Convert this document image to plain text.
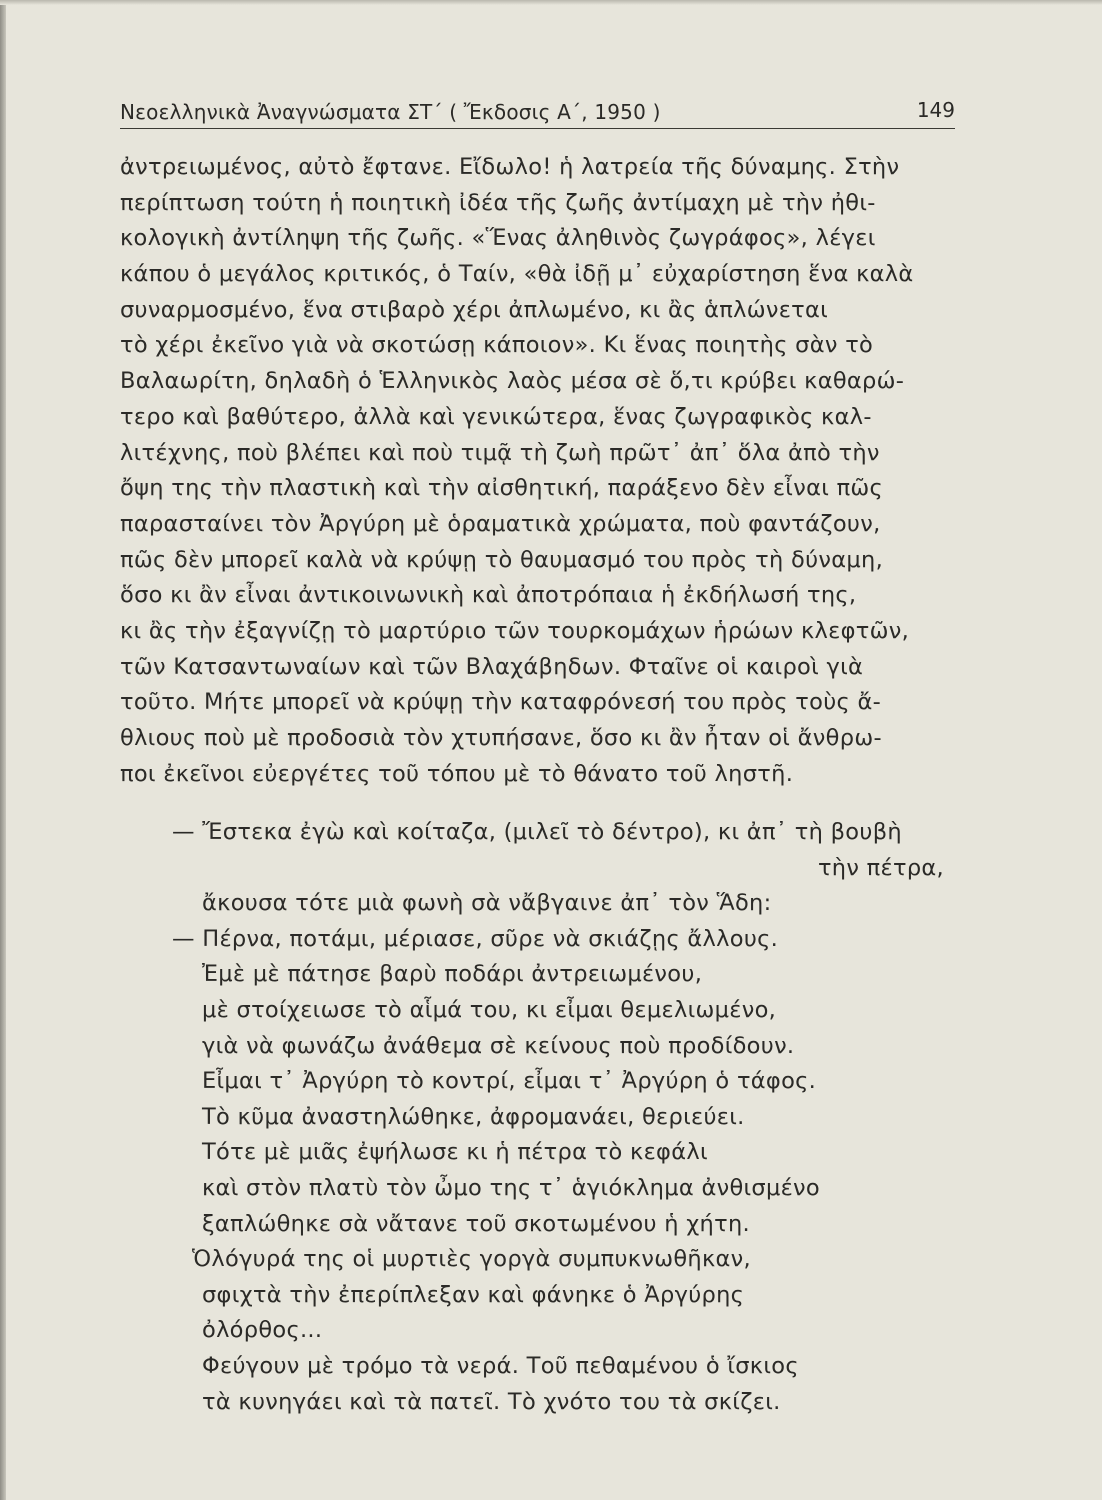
Νεοελληνικὰ Ἀναγνώσματα ΣΤ΄ ( Ἔκδοσις Α΄, 1950 )	149
ἀντρειωμένος, αὐτὸ ἔφτανε. Εἴδωλο! ἡ λατρεία τῆς δύναμης. Στὴν
περίπτωση τούτη ἡ ποιητικὴ ἰδέα τῆς ζωῆς ἀντίμαχη μὲ τὴν ἠθι-
κολογικὴ ἀντίληψη τῆς ζωῆς. «Ἕνας ἀληθινὸς ζωγράφος», λέγει
κάπου ὁ μεγάλος κριτικός, ὁ Ταίν, «θὰ ἰδῇ μ᾿ εὐχαρίστηση ἕνα καλὰ
συναρμοσμένο, ἕνα στιβαρὸ χέρι ἀπλωμένο, κι ἂς ἁπλώνεται
τὸ χέρι ἐκεῖνο γιὰ νὰ σκοτώσῃ κάποιον». Κι ἕνας ποιητὴς σὰν τὸ
Βαλαωρίτη, δηλαδὴ ὁ Ἑλληνικὸς λαὸς μέσα σὲ ὅ,τι κρύβει καθαρώ-
τερο καὶ βαθύτερο, ἀλλὰ καὶ γενικώτερα, ἕνας ζωγραφικὸς καλ-
λιτέχνης, ποὺ βλέπει καὶ ποὺ τιμᾷ τὴ ζωὴ πρῶτ᾿ ἀπ᾿ ὅλα ἀπὸ τὴν
ὄψη της τὴν πλαστικὴ καὶ τὴν αἰσθητική, παράξενο δὲν εἶναι πῶς
παρασταίνει τὸν Ἀργύρη μὲ ὁραματικὰ χρώματα, ποὺ φαντάζουν,
πῶς δὲν μπορεῖ καλὰ νὰ κρύψῃ τὸ θαυμασμό του πρὸς τὴ δύναμη,
ὅσο κι ἂν εἶναι ἀντικοινωνικὴ καὶ ἀποτρόπαια ἡ ἐκδήλωσή της,
κι ἂς τὴν ἐξαγνίζῃ τὸ μαρτύριο τῶν τουρκομάχων ἡρώων κλεφτῶν,
τῶν Κατσαντωναίων καὶ τῶν Βλαχάβηδων. Φταῖνε οἱ καιροὶ γιὰ
τοῦτο. Μήτε μπορεῖ νὰ κρύψῃ τὴν καταφρόνεσή του πρὸς τοὺς ἄ-
θλιους ποὺ μὲ προδοσιὰ τὸν χτυπήσανε, ὅσο κι ἂν ἦταν οἱ ἄνθρω-
ποι ἐκεῖνοι εὐεργέτες τοῦ τόπου μὲ τὸ θάνατο τοῦ ληστῆ.
— Ἔστεκα ἐγὼ καὶ κοίταζα, (μιλεῖ τὸ δέντρο), κι ἀπ᾿ τὴ βουβὴ
τὴν πέτρα,
ἄκουσα τότε μιὰ φωνὴ σὰ νἄβγαινε ἀπ᾿ τὸν Ἅδη:
— Πέρνα, ποτάμι, μέριασε, σῦρε νὰ σκιάζῃς ἄλλους.
Ἐμὲ μὲ πάτησε βαρὺ ποδάρι ἀντρειωμένου,
μὲ στοίχειωσε τὸ αἷμά του, κι εἶμαι θεμελιωμένο,
γιὰ νὰ φωνάζω ἀνάθεμα σὲ κείνους ποὺ προδίδουν.
Εἶμαι τ᾿ Ἀργύρη τὸ κοντρί, εἶμαι τ᾿ Ἀργύρη ὁ τάφος.
Τὸ κῦμα ἀναστηλώθηκε, ἀφρομανάει, θεριεύει.
Τότε μὲ μιᾶς ἐψήλωσε κι ἡ πέτρα τὸ κεφάλι
καὶ στὸν πλατὺ τὸν ὦμο της τ᾿ ἁγιόκλημα ἀνθισμένο
ξαπλώθηκε σὰ νἄτανε τοῦ σκοτωμένου ἡ χήτη.
Ὁλόγυρά της οἱ μυρτιὲς γοργὰ συμπυκνωθῆκαν,
σφιχτὰ τὴν ἐπερίπλεξαν καὶ φάνηκε ὁ Ἀργύρης
ὀλόρθος...
Φεύγουν μὲ τρόμο τὰ νερά. Τοῦ πεθαμένου ὁ ἴσκιος
τὰ κυνηγάει καὶ τὰ πατεῖ. Τὸ χνότο του τὰ σκίζει.
